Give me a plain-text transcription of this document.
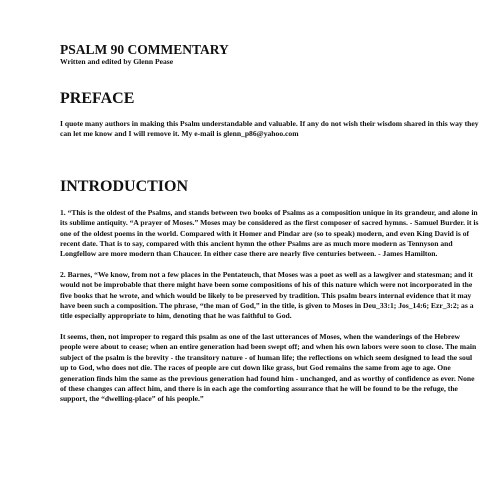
PSALM 90 COMMENTARY
Written and edited by Glenn Pease
PREFACE

I quote many authors in making this Psalm understandable and valuable. If any do not wish their wisdom shared in this way they can let me know and I will remove it. My e-mail is glenn_p86@yahoo.com

INTRODUCTION

1. “This is the oldest of the Psalms, and stands between two books of Psalms as a composition unique in its grandeur, and alone in its sublime antiquity. “A prayer of Moses.” Moses may be considered as the first composer of sacred hymns. - Samuel Burder. it is one of the oldest poems in the world. Compared with it Homer and Pindar are (so to speak) modern, and even King David is of recent date. That is to say, compared with this ancient hymn the other Psalms are as much more modern as Tennyson and Longfellow are more modern than Chaucer. In either case there are nearly five centuries between. - James Hamilton.

2. Barnes, “We know, from not a few places in the Pentateuch, that Moses was a poet as well as a lawgiver and statesman; and it would not be improbable that there might have been some compositions of his of this nature which were not incorporated in the five books that he wrote, and which would be likely to be preserved by tradition. This psalm bears internal evidence that it may have been such a composition. The phrase, “the man of God,” in the title, is given to Moses in Deu_33:1; Jos_14:6; Ezr_3:2; as a title especially appropriate to him, denoting that he was faithful to God.

It seems, then, not improper to regard this psalm as one of the last utterances of Moses, when the wanderings of the Hebrew people were about to cease; when an entire generation had been swept off; and when his own labors were soon to close. The main subject of the psalm is the brevity - the transitory nature - of human life; the reflections on which seem designed to lead the soul up to God, who does not die. The races of people are cut down like grass, but God remains the same from age to age. One generation finds him the same as the previous generation had found him - unchanged, and as worthy of confidence as ever. None of these changes can affect him, and there is in each age the comforting assurance that he will be found to be the refuge, the support, the “dwelling-place” of his people.”
